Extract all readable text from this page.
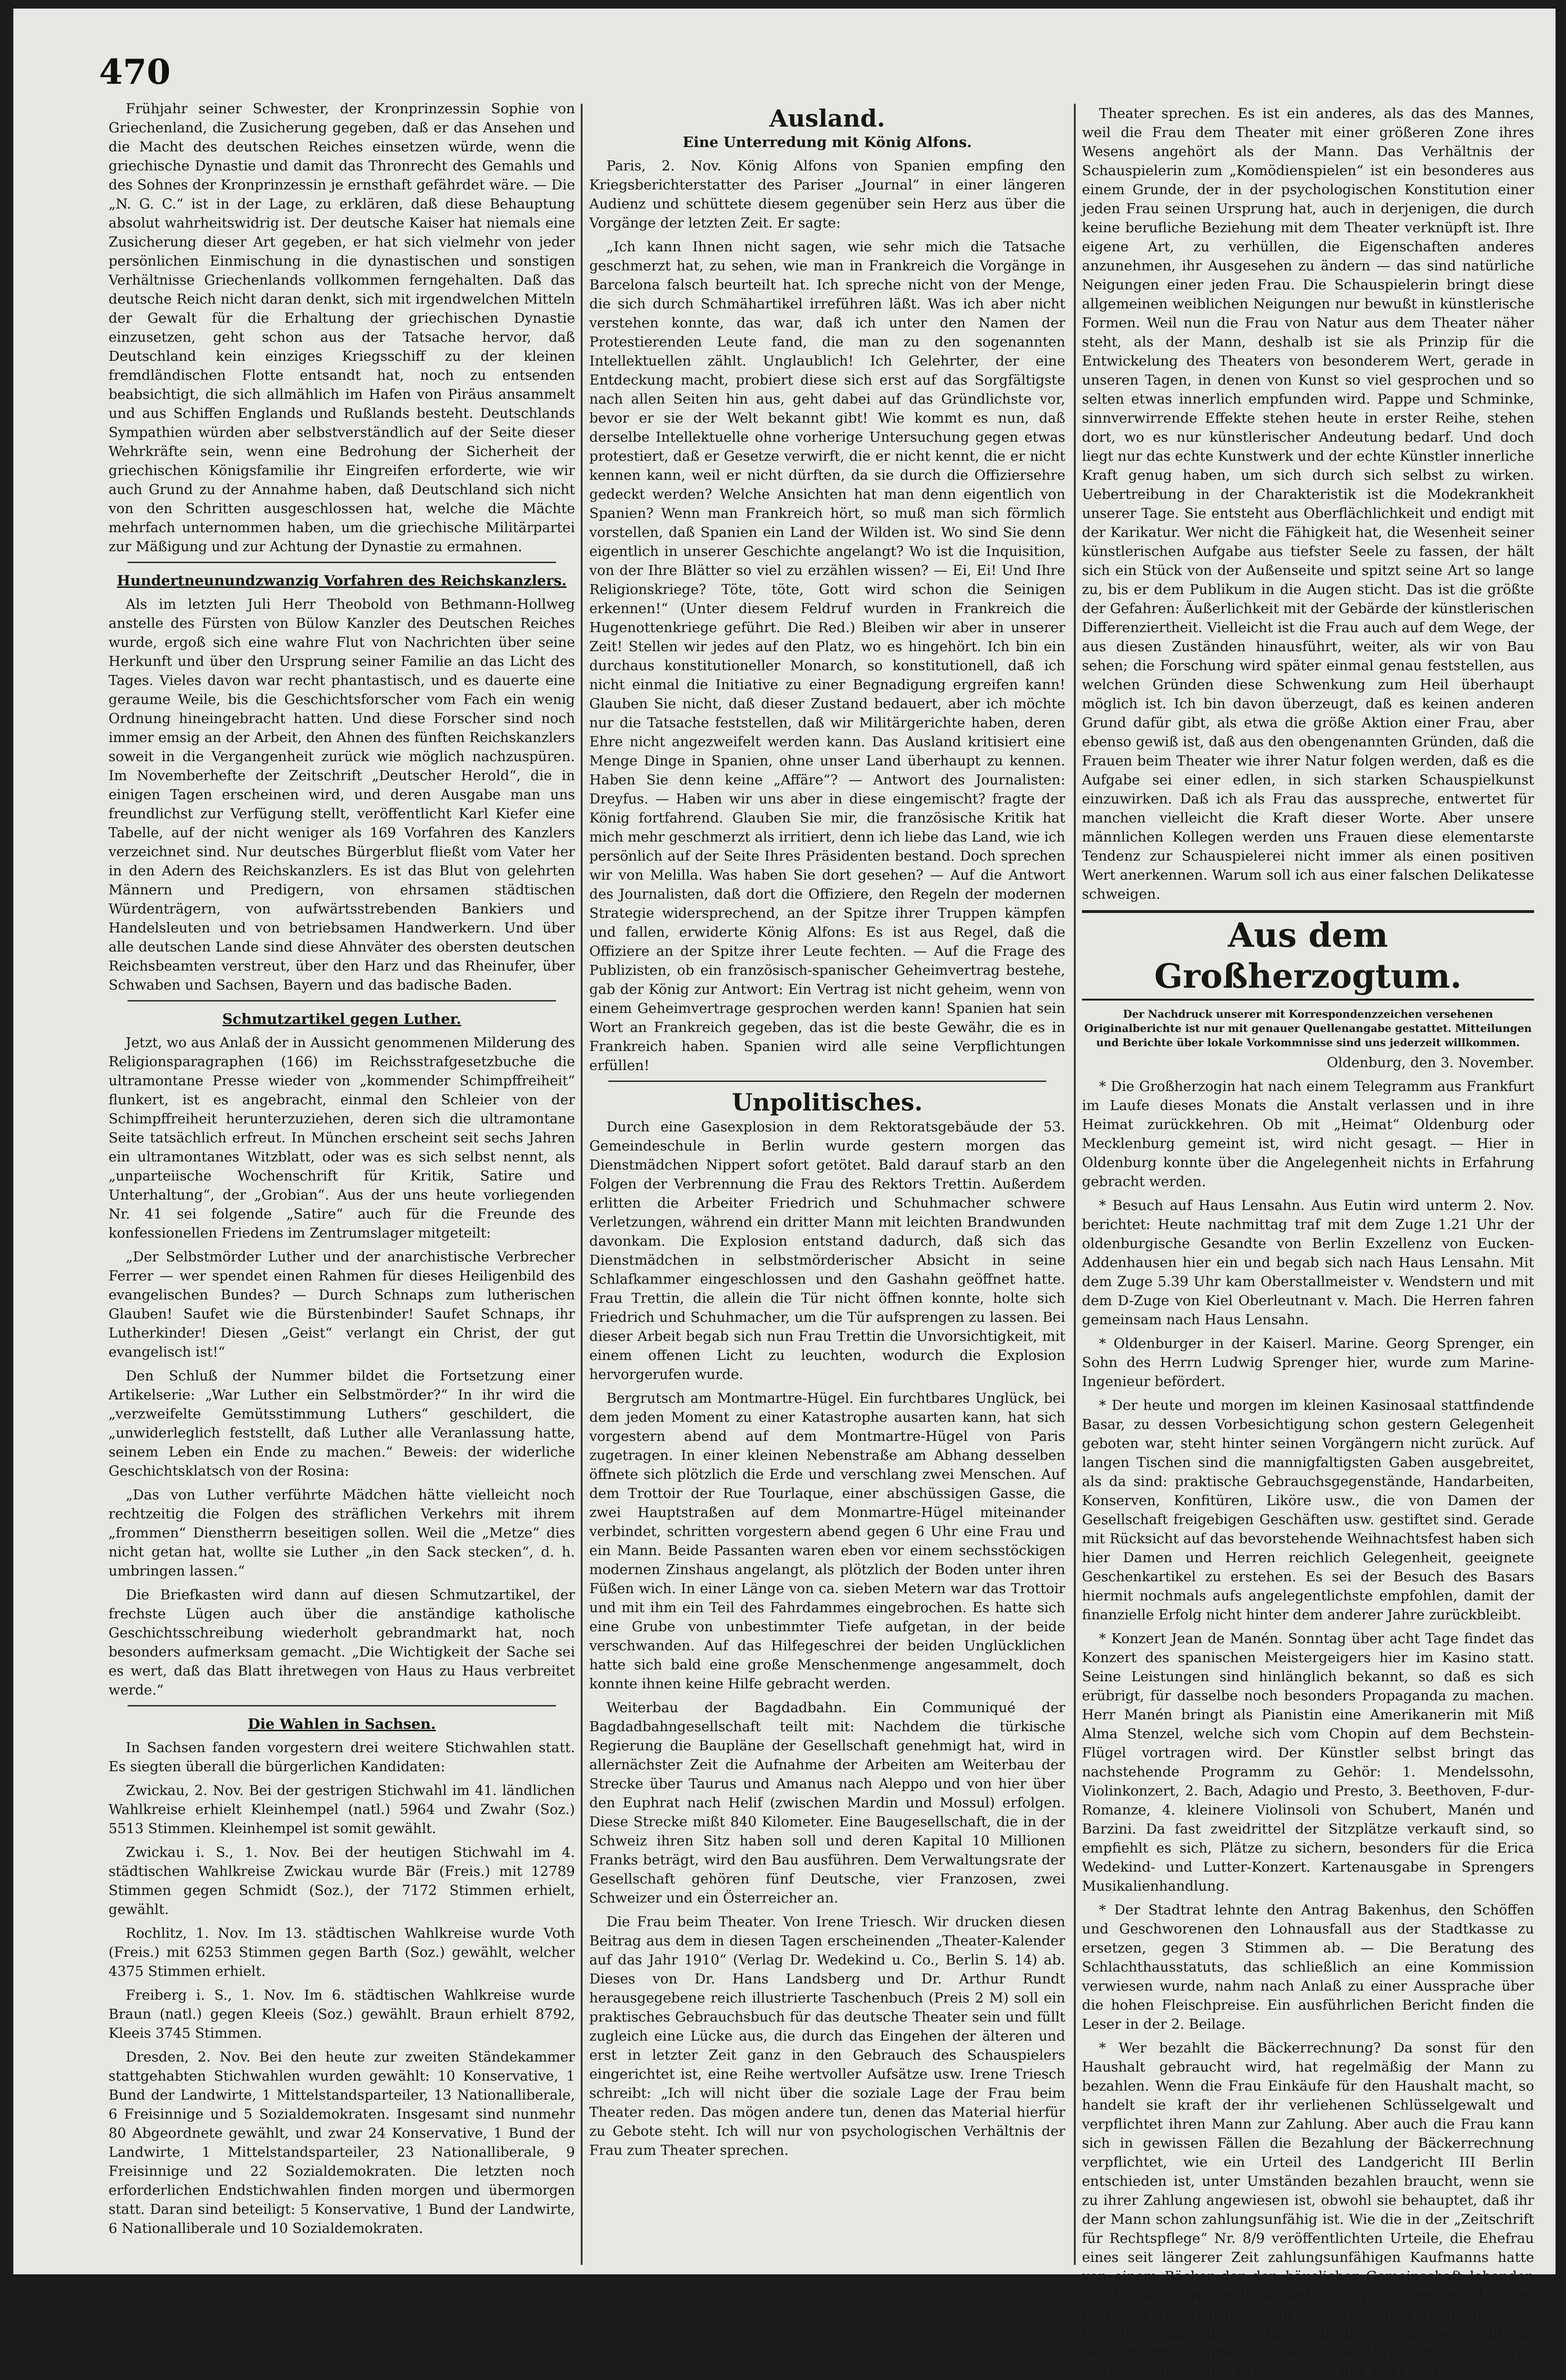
470

Frühjahr seiner Schwester, der Kronprinzessin Sophie von Griechenland, die Zusicherung gegeben, daß er das Ansehen und die Macht des deutschen Reiches einsetzen würde, wenn die griechische Dynastie und damit das Thronrecht des Gemahls und des Sohnes der Kronprinzessin je ernsthaft gefährdet wäre. — Die „N. G. C.“ ist in der Lage, zu erklären, daß diese Behauptung absolut wahrheitswidrig ist. Der deutsche Kaiser hat niemals eine Zusicherung dieser Art gegeben, er hat sich vielmehr von jeder persönlichen Einmischung in die dynastischen und sonstigen Verhältnisse Griechenlands vollkommen ferngehalten. Daß das deutsche Reich nicht daran denkt, sich mit irgendwelchen Mitteln der Gewalt für die Erhaltung der griechischen Dynastie einzusetzen, geht schon aus der Tatsache hervor, daß Deutschland kein einziges Kriegsschiff zu der kleinen fremdländischen Flotte entsandt hat, noch zu entsenden beabsichtigt, die sich allmählich im Hafen von Piräus ansammelt und aus Schiffen Englands und Rußlands besteht. Deutschlands Sympathien würden aber selbstverständlich auf der Seite dieser Wehrkräfte sein, wenn eine Bedrohung der Sicherheit der griechischen Königsfamilie ihr Eingreifen erforderte, wie wir auch Grund zu der Annahme haben, daß Deutschland sich nicht von den Schritten ausgeschlossen hat, welche die Mächte mehrfach unternommen haben, um die griechische Militärpartei zur Mäßigung und zur Achtung der Dynastie zu ermahnen.

Hundertneunundzwanzig Vorfahren des Reichskanzlers.

Als im letzten Juli Herr Theobold von Bethmann-Hollweg anstelle des Fürsten von Bülow Kanzler des Deutschen Reiches wurde, ergoß sich eine wahre Flut von Nachrichten über seine Herkunft und über den Ursprung seiner Familie an das Licht des Tages. Vieles davon war recht phantastisch, und es dauerte eine geraume Weile, bis die Geschichtsforscher vom Fach ein wenig Ordnung hineingebracht hatten. Und diese Forscher sind noch immer emsig an der Arbeit, den Ahnen des fünften Reichskanzlers soweit in die Vergangenheit zurück wie möglich nachzuspüren. Im Novemberhefte der Zeitschrift „Deutscher Herold“, die in einigen Tagen erscheinen wird, und deren Ausgabe man uns freundlichst zur Verfügung stellt, veröffentlicht Karl Kiefer eine Tabelle, auf der nicht weniger als 169 Vorfahren des Kanzlers verzeichnet sind. Nur deutsches Bürgerblut fließt vom Vater her in den Adern des Reichskanzlers. Es ist das Blut von gelehrten Männern und Predigern, von ehrsamen städtischen Würdenträgern, von aufwärtsstrebenden Bankiers und Handelsleuten und von betriebsamen Handwerkern. Und über alle deutschen Lande sind diese Ahnväter des obersten deutschen Reichsbeamten verstreut, über den Harz und das Rheinufer, über Schwaben und Sachsen, Bayern und das badische Baden.

Schmutzartikel gegen Luther.

Jetzt, wo aus Anlaß der in Aussicht genommenen Milderung des Religionsparagraphen (166) im Reichsstrafgesetzbuche die ultramontane Presse wieder von „kommender Schimpffreiheit“ flunkert, ist es angebracht, einmal den Schleier von der Schimpffreiheit herunterzuziehen, deren sich die ultramontane Seite tatsächlich erfreut. In München erscheint seit sechs Jahren ein ultramontanes Witzblatt, oder was es sich selbst nennt, als „unparteiische Wochenschrift für Kritik, Satire und Unterhaltung“, der „Grobian“. Aus der uns heute vorliegenden Nr. 41 sei folgende „Satire“ auch für die Freunde des konfessionellen Friedens im Zentrumslager mitgeteilt:

„Der Selbstmörder Luther und der anarchistische Verbrecher Ferrer — wer spendet einen Rahmen für dieses Heiligenbild des evangelischen Bundes? — Durch Schnaps zum lutherischen Glauben! Saufet wie die Bürstenbinder! Saufet Schnaps, ihr Lutherkinder! Diesen „Geist“ verlangt ein Christ, der gut evangelisch ist!“

Den Schluß der Nummer bildet die Fortsetzung einer Artikelserie: „War Luther ein Selbstmörder?“ In ihr wird die „verzweifelte Gemütsstimmung Luthers“ geschildert, die „unwiderleglich feststellt, daß Luther alle Veranlassung hatte, seinem Leben ein Ende zu machen.“ Beweis: der widerliche Geschichtsklatsch von der Rosina:

„Das von Luther verführte Mädchen hätte vielleicht noch rechtzeitig die Folgen des sträflichen Verkehrs mit ihrem „frommen“ Dienstherrn beseitigen sollen. Weil die „Metze“ dies nicht getan hat, wollte sie Luther „in den Sack stecken“, d. h. umbringen lassen.“

Die Briefkasten wird dann auf diesen Schmutzartikel, der frechste Lügen auch über die anständige katholische Geschichtsschreibung wiederholt gebrandmarkt hat, noch besonders aufmerksam gemacht. „Die Wichtigkeit der Sache sei es wert, daß das Blatt ihretwegen von Haus zu Haus verbreitet werde.“

Die Wahlen in Sachsen.

In Sachsen fanden vorgestern drei weitere Stichwahlen statt. Es siegten überall die bürgerlichen Kandidaten:

Zwickau, 2. Nov. Bei der gestrigen Stichwahl im 41. ländlichen Wahlkreise erhielt Kleinhempel (natl.) 5964 und Zwahr (Soz.) 5513 Stimmen. Kleinhempel ist somit gewählt.

Zwickau i. S., 1. Nov. Bei der heutigen Stichwahl im 4. städtischen Wahlkreise Zwickau wurde Bär (Freis.) mit 12789 Stimmen gegen Schmidt (Soz.), der 7172 Stimmen erhielt, gewählt.

Rochlitz, 1. Nov. Im 13. städtischen Wahlkreise wurde Voth (Freis.) mit 6253 Stimmen gegen Barth (Soz.) gewählt, welcher 4375 Stimmen erhielt.

Freiberg i. S., 1. Nov. Im 6. städtischen Wahlkreise wurde Braun (natl.) gegen Kleeis (Soz.) gewählt. Braun erhielt 8792, Kleeis 3745 Stimmen.

Dresden, 2. Nov. Bei den heute zur zweiten Ständekammer stattgehabten Stichwahlen wurden gewählt: 10 Konservative, 1 Bund der Landwirte, 1 Mittelstandsparteiler, 13 Nationalliberale, 6 Freisinnige und 5 Sozialdemokraten. Insgesamt sind nunmehr 80 Abgeordnete gewählt, und zwar 24 Konservative, 1 Bund der Landwirte, 1 Mittelstandsparteiler, 23 Nationalliberale, 9 Freisinnige und 22 Sozialdemokraten. Die letzten noch erforderlichen Endstichwahlen finden morgen und übermorgen statt. Daran sind beteiligt: 5 Konservative, 1 Bund der Landwirte, 6 Nationalliberale und 10 Sozialdemokraten.

Ausland.
Eine Unterredung mit König Alfons.

Paris, 2. Nov. König Alfons von Spanien empfing den Kriegsberichterstatter des Pariser „Journal“ in einer längeren Audienz und schüttete diesem gegenüber sein Herz aus über die Vorgänge der letzten Zeit. Er sagte:

„Ich kann Ihnen nicht sagen, wie sehr mich die Tatsache geschmerzt hat, zu sehen, wie man in Frankreich die Vorgänge in Barcelona falsch beurteilt hat. Ich spreche nicht von der Menge, die sich durch Schmähartikel irreführen läßt. Was ich aber nicht verstehen konnte, das war, daß ich unter den Namen der Protestierenden Leute fand, die man zu den sogenannten Intellektuellen zählt. Unglaublich! Ich Gelehrter, der eine Entdeckung macht, probiert diese sich erst auf das Sorgfältigste nach allen Seiten hin aus, geht dabei auf das Gründlichste vor, bevor er sie der Welt bekannt gibt! Wie kommt es nun, daß derselbe Intellektuelle ohne vorherige Untersuchung gegen etwas protestiert, daß er Gesetze verwirft, die er nicht kennt, die er nicht kennen kann, weil er nicht dürften, da sie durch die Offiziersehre gedeckt werden? Welche Ansichten hat man denn eigentlich von Spanien? Wenn man Frankreich hört, so muß man sich förmlich vorstellen, daß Spanien ein Land der Wilden ist. Wo sind Sie denn eigentlich in unserer Geschichte angelangt? Wo ist die Inquisition, von der Ihre Blätter so viel zu erzählen wissen? — Ei, Ei! Und Ihre Religionskriege? Töte, töte, Gott wird schon die Seinigen erkennen!“ (Unter diesem Feldruf wurden in Frankreich die Hugenottenkriege geführt. Die Red.) Bleiben wir aber in unserer Zeit! Stellen wir jedes auf den Platz, wo es hingehört. Ich bin ein durchaus konstitutioneller Monarch, so konstitutionell, daß ich nicht einmal die Initiative zu einer Begnadigung ergreifen kann! Glauben Sie nicht, daß dieser Zustand bedauert, aber ich möchte nur die Tatsache feststellen, daß wir Militärgerichte haben, deren Ehre nicht angezweifelt werden kann. Das Ausland kritisiert eine Menge Dinge in Spanien, ohne unser Land überhaupt zu kennen. Haben Sie denn keine „Affäre“? — Antwort des Journalisten: Dreyfus. — Haben wir uns aber in diese eingemischt? fragte der König fortfahrend. Glauben Sie mir, die französische Kritik hat mich mehr geschmerzt als irritiert, denn ich liebe das Land, wie ich persönlich auf der Seite Ihres Präsidenten bestand. Doch sprechen wir von Melilla. Was haben Sie dort gesehen? — Auf die Antwort des Journalisten, daß dort die Offiziere, den Regeln der modernen Strategie widersprechend, an der Spitze ihrer Truppen kämpfen und fallen, erwiderte König Alfons: Es ist aus Regel, daß die Offiziere an der Spitze ihrer Leute fechten. — Auf die Frage des Publizisten, ob ein französisch-spanischer Geheimvertrag bestehe, gab der König zur Antwort: Ein Vertrag ist nicht geheim, wenn von einem Geheimvertrage gesprochen werden kann! Spanien hat sein Wort an Frankreich gegeben, das ist die beste Gewähr, die es in Frankreich haben. Spanien wird alle seine Verpflichtungen erfüllen!

Unpolitisches.

Durch eine Gasexplosion in dem Rektoratsgebäude der 53. Gemeindeschule in Berlin wurde gestern morgen das Dienstmädchen Nippert sofort getötet. Bald darauf starb an den Folgen der Verbrennung die Frau des Rektors Trettin. Außerdem erlitten die Arbeiter Friedrich und Schuhmacher schwere Verletzungen, während ein dritter Mann mit leichten Brandwunden davonkam. Die Explosion entstand dadurch, daß sich das Dienstmädchen in selbstmörderischer Absicht in seine Schlafkammer eingeschlossen und den Gashahn geöffnet hatte. Frau Trettin, die allein die Tür nicht öffnen konnte, holte sich Friedrich und Schuhmacher, um die Tür aufsprengen zu lassen. Bei dieser Arbeit begab sich nun Frau Trettin die Unvorsichtigkeit, mit einem offenen Licht zu leuchten, wodurch die Explosion hervorgerufen wurde.

Bergrutsch am Montmartre-Hügel. Ein furchtbares Unglück, bei dem jeden Moment zu einer Katastrophe ausarten kann, hat sich vorgestern abend auf dem Montmartre-Hügel von Paris zugetragen. In einer kleinen Nebenstraße am Abhang desselben öffnete sich plötzlich die Erde und verschlang zwei Menschen. Auf dem Trottoir der Rue Tourlaque, einer abschüssigen Gasse, die zwei Hauptstraßen auf dem Monmartre-Hügel miteinander verbindet, schritten vorgestern abend gegen 6 Uhr eine Frau und ein Mann. Beide Passanten waren eben vor einem sechsstöckigen modernen Zinshaus angelangt, als plötzlich der Boden unter ihren Füßen wich. In einer Länge von ca. sieben Metern war das Trottoir und mit ihm ein Teil des Fahrdammes eingebrochen. Es hatte sich eine Grube von unbestimmter Tiefe aufgetan, in der beide verschwanden. Auf das Hilfegeschrei der beiden Unglücklichen hatte sich bald eine große Menschenmenge angesammelt, doch konnte ihnen keine Hilfe gebracht werden.

Weiterbau der Bagdadbahn. Ein Communiqué der Bagdadbahngesellschaft teilt mit: Nachdem die türkische Regierung die Baupläne der Gesellschaft genehmigt hat, wird in allernächster Zeit die Aufnahme der Arbeiten am Weiterbau der Strecke über Taurus und Amanus nach Aleppo und von hier über den Euphrat nach Helif (zwischen Mardin und Mossul) erfolgen. Diese Strecke mißt 840 Kilometer. Eine Baugesellschaft, die in der Schweiz ihren Sitz haben soll und deren Kapital 10 Millionen Franks beträgt, wird den Bau ausführen. Dem Verwaltungsrate der Gesellschaft gehören fünf Deutsche, vier Franzosen, zwei Schweizer und ein Österreicher an.

Die Frau beim Theater. Von Irene Triesch. Wir drucken diesen Beitrag aus dem in diesen Tagen erscheinenden „Theater-Kalender auf das Jahr 1910“ (Verlag Dr. Wedekind u. Co., Berlin S. 14) ab. Dieses von Dr. Hans Landsberg und Dr. Arthur Rundt herausgegebene reich illustrierte Taschenbuch (Preis 2 M) soll ein praktisches Gebrauchsbuch für das deutsche Theater sein und füllt zugleich eine Lücke aus, die durch das Eingehen der älteren und erst in letzter Zeit ganz in den Gebrauch des Schauspielers eingerichtet ist, eine Reihe wertvoller Aufsätze usw. Irene Triesch schreibt: „Ich will nicht über die soziale Lage der Frau beim Theater reden. Das mögen andere tun, denen das Material hierfür zu Gebote steht. Ich will nur von psychologischen Verhältnis der Frau zum Theater sprechen.

Theater sprechen. Es ist ein anderes, als das des Mannes, weil die Frau dem Theater mit einer größeren Zone ihres Wesens angehört als der Mann. Das Verhältnis der Schauspielerin zum „Komödienspielen“ ist ein besonderes aus einem Grunde, der in der psychologischen Konstitution einer jeden Frau seinen Ursprung hat, auch in derjenigen, die durch keine berufliche Beziehung mit dem Theater verknüpft ist. Ihre eigene Art, zu verhüllen, die Eigenschaften anderes anzunehmen, ihr Ausgesehen zu ändern — das sind natürliche Neigungen einer jeden Frau. Die Schauspielerin bringt diese allgemeinen weiblichen Neigungen nur bewußt in künstlerische Formen. Weil nun die Frau von Natur aus dem Theater näher steht, als der Mann, deshalb ist sie als Prinzip für die Entwickelung des Theaters von besonderem Wert, gerade in unseren Tagen, in denen von Kunst so viel gesprochen und so selten etwas innerlich empfunden wird. Pappe und Schminke, sinnverwirrende Effekte stehen heute in erster Reihe, stehen dort, wo es nur künstlerischer Andeutung bedarf. Und doch liegt nur das echte Kunstwerk und der echte Künstler innerliche Kraft genug haben, um sich durch sich selbst zu wirken. Uebertreibung in der Charakteristik ist die Modekrankheit unserer Tage. Sie entsteht aus Oberflächlichkeit und endigt mit der Karikatur. Wer nicht die Fähigkeit hat, die Wesenheit seiner künstlerischen Aufgabe aus tiefster Seele zu fassen, der hält sich ein Stück von der Außenseite und spitzt seine Art so lange zu, bis er dem Publikum in die Augen sticht. Das ist die größte der Gefahren: Äußerlichkeit mit der Gebärde der künstlerischen Differenziertheit. Vielleicht ist die Frau auch auf dem Wege, der aus diesen Zuständen hinausführt, weiter, als wir von Bau sehen; die Forschung wird später einmal genau feststellen, aus welchen Gründen diese Schwenkung zum Heil überhaupt möglich ist. Ich bin davon überzeugt, daß es keinen anderen Grund dafür gibt, als etwa die größe Aktion einer Frau, aber ebenso gewiß ist, daß aus den obengenannten Gründen, daß die Frauen beim Theater wie ihrer Natur folgen werden, daß es die Aufgabe sei einer edlen, in sich starken Schauspielkunst einzuwirken. Daß ich als Frau das ausspreche, entwertet für manchen vielleicht die Kraft dieser Worte. Aber unsere männlichen Kollegen werden uns Frauen diese elementarste Tendenz zur Schauspielerei nicht immer als einen positiven Wert anerkennen. Warum soll ich aus einer falschen Delikatesse schweigen.

Aus dem Großherzogtum.
Der Nachdruck unserer mit Korrespondenzzeichen versehenen Originalberichte ist nur mit genauer Quellenangabe gestattet. Mitteilungen und Berichte über lokale Vorkommnisse sind uns jederzeit willkommen.

Oldenburg, den 3. November.

* Die Großherzogin hat nach einem Telegramm aus Frankfurt im Laufe dieses Monats die Anstalt verlassen und in ihre Heimat zurückkehren. Ob mit „Heimat“ Oldenburg oder Mecklenburg gemeint ist, wird nicht gesagt. — Hier in Oldenburg konnte über die Angelegenheit nichts in Erfahrung gebracht werden.

* Besuch auf Haus Lensahn. Aus Eutin wird unterm 2. Nov. berichtet: Heute nachmittag traf mit dem Zuge 1.21 Uhr der oldenburgische Gesandte von Berlin Exzellenz von Eucken-Addenhausen hier ein und begab sich nach Haus Lensahn. Mit dem Zuge 5.39 Uhr kam Oberstallmeister v. Wendstern und mit dem D-Zuge von Kiel Oberleutnant v. Mach. Die Herren fahren gemeinsam nach Haus Lensahn.

* Oldenburger in der Kaiserl. Marine. Georg Sprenger, ein Sohn des Herrn Ludwig Sprenger hier, wurde zum Marine-Ingenieur befördert.

* Der heute und morgen im kleinen Kasinosaal stattfindende Basar, zu dessen Vorbesichtigung schon gestern Gelegenheit geboten war, steht hinter seinen Vorgängern nicht zurück. Auf langen Tischen sind die mannigfaltigsten Gaben ausgebreitet, als da sind: praktische Gebrauchsgegenstände, Handarbeiten, Konserven, Konfitüren, Liköre usw., die von Damen der Gesellschaft freigebigen Geschäften usw. gestiftet sind. Gerade mit Rücksicht auf das bevorstehende Weihnachtsfest haben sich hier Damen und Herren reichlich Gelegenheit, geeignete Geschenkartikel zu erstehen. Es sei der Besuch des Basars hiermit nochmals aufs angelegentlichste empfohlen, damit der finanzielle Erfolg nicht hinter dem anderer Jahre zurückbleibt.

* Konzert Jean de Manén. Sonntag über acht Tage findet das Konzert des spanischen Meistergeigers hier im Kasino statt. Seine Leistungen sind hinlänglich bekannt, so daß es sich erübrigt, für dasselbe noch besonders Propaganda zu machen. Herr Manén bringt als Pianistin eine Amerikanerin mit Miß Alma Stenzel, welche sich vom Chopin auf dem Bechstein-Flügel vortragen wird. Der Künstler selbst bringt das nachstehende Programm zu Gehör: 1. Mendelssohn, Violinkonzert, 2. Bach, Adagio und Presto, 3. Beethoven, F-dur-Romanze, 4. kleinere Violinsoli von Schubert, Manén und Barzini. Da fast zweidrittel der Sitzplätze verkauft sind, so empfiehlt es sich, Plätze zu sichern, besonders für die Erica Wedekind- und Lutter-Konzert. Kartenausgabe in Sprengers Musikalienhandlung.

* Der Stadtrat lehnte den Antrag Bakenhus, den Schöffen und Geschworenen den Lohnausfall aus der Stadtkasse zu ersetzen, gegen 3 Stimmen ab. — Die Beratung des Schlachthausstatuts, das schließlich an eine Kommission verwiesen wurde, nahm nach Anlaß zu einer Aussprache über die hohen Fleischpreise. Ein ausführlichen Bericht finden die Leser in der 2. Beilage.

* Wer bezahlt die Bäckerrechnung? Da sonst für den Haushalt gebraucht wird, hat regelmäßig der Mann zu bezahlen. Wenn die Frau Einkäufe für den Haushalt macht, so handelt sie kraft der ihr verliehenen Schlüsselgewalt und verpflichtet ihren Mann zur Zahlung. Aber auch die Frau kann sich in gewissen Fällen die Bezahlung der Bäckerrechnung verpflichtet, wie ein Urteil des Landgericht III Berlin entschieden ist, unter Umständen bezahlen braucht, wenn sie zu ihrer Zahlung angewiesen ist, obwohl sie behauptet, daß ihr der Mann schon zahlungsunfähig ist. Wie die in der „Zeitschrift für Rechtspflege“ Nr. 8/9 veröffentlichten Urteile, die Ehefrau eines seit längerer Zeit zahlungsunfähigen Kaufmanns hatte von einem Bäcker der den häuslicher Gemeinschaft lebenden den Haushalt erforderliche Bestellung vor, so entspricht es der in der Verkehrsgrundsätzen von Treu und Glauben, diese Bestellung nur als ein innerhalb ihrer Schlüsselgewalt als Geschäft des Mannes anzusehen. Die Verpflichtung der Frau zur Bezahlung ergibt sich aber auch aus den Gesetz.
